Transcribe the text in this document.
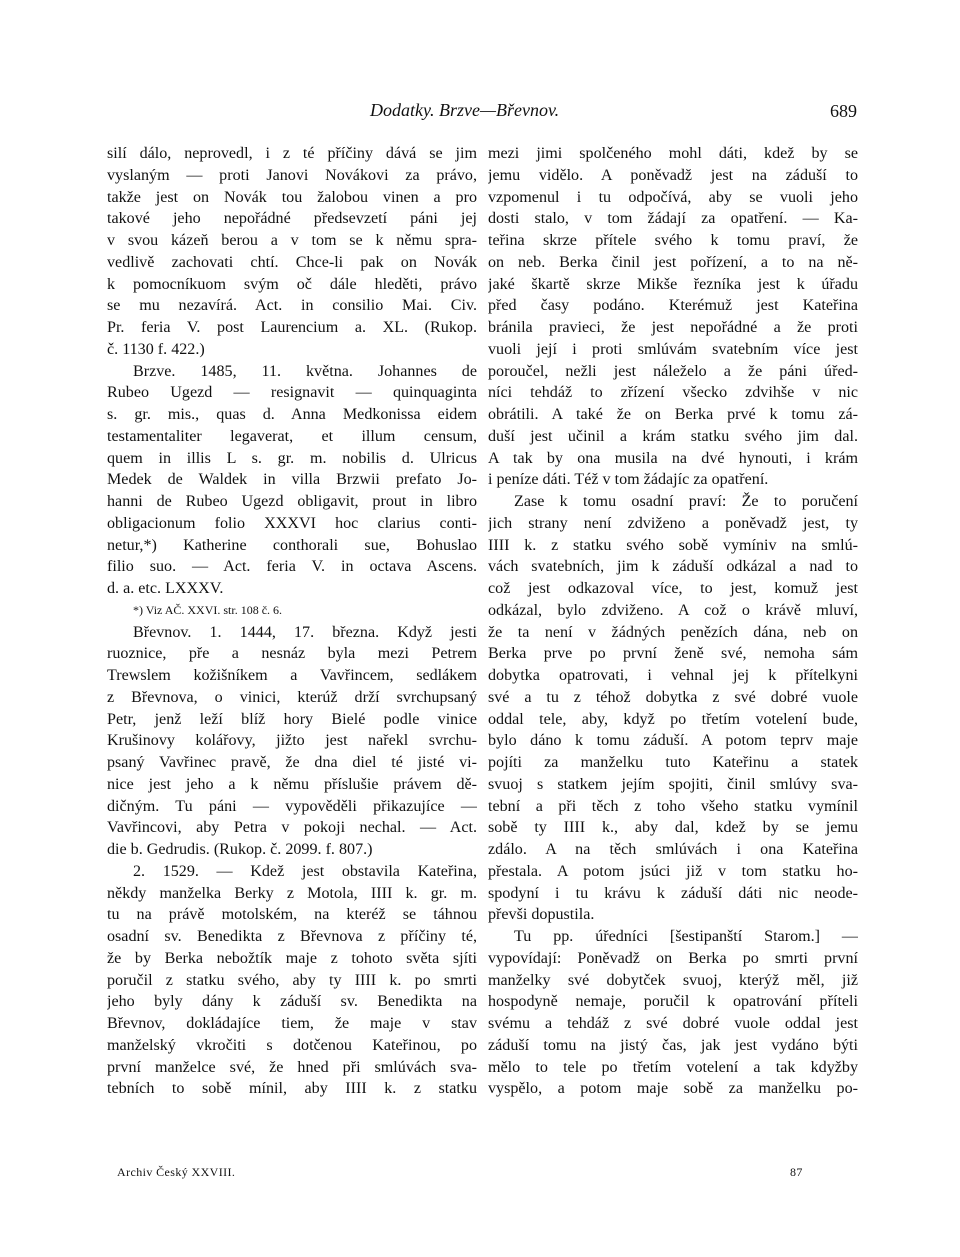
Dodatky. Brzve—Břevnov.	689
silí dálo, neprovedl, i z té příčiny dává se jim
vyslaným — proti Janovi Novákovi za právo,
takže jest on Novák tou žalobou vinen a pro
takové jeho nepořádné předsevzetí páni jej
v svou kázeň berou a v tom se k němu spra-
vedlivě zachovati chtí. Chce-li pak on Novák
k pomocníkuom svým oč dále hleděti, právo
se mu nezavírá. Act. in consilio Mai. Civ.
Pr. feria V. post Laurencium a. XL. (Rukop.
č. 1130 f. 422.)
Brzve. 1485, 11. května. Johannes de
Rubeo Ugezd — resignavit — quinquaginta
s. gr. mis., quas d. Anna Medkonissa eidem
testamentaliter legaverat, et illum censum,
quem in illis L s. gr. m. nobilis d. Ulricus
Medek de Waldek in villa Brzwii prefato Jo-
hanni de Rubeo Ugezd obligavit, prout in libro
obligacionum folio XXXVI hoc clarius conti-
netur,*) Katherine conthorali sue, Bohuslao
filio suo. — Act. feria V. in octava Ascens.
d. a. etc. LXXXV.
*) Viz AČ. XXVI. str. 108 č. 6.
Břevnov. 1. 1444, 17. března. Když jesti
ruoznice, pře a nesnáz byla mezi Petrem
Trewslem kožišníkem a Vavřincem, sedlákem
z Břevnova, o vinici, kterúž drží svrchupsaný
Petr, jenž leží blíž hory Bielé podle vinice
Krušinovy kolářovy, jižto jest nařekl svrchu-
psaný Vavřinec pravě, že dna diel té jisté vi-
nice jest jeho a k němu příslušie právem dě-
dičným. Tu páni — vypověděli přikazujíce —
Vavřincovi, aby Petra v pokoji nechal. — Act.
die b. Gedrudis. (Rukop. č. 2099. f. 807.)
2. 1529. — Kdež jest obstavila Kateřina,
někdy manželka Berky z Motola, IIII k. gr. m.
tu na právě motolském, na kteréž se táhnou
osadní sv. Benedikta z Břevnova z příčiny té,
že by Berka nebožtík maje z tohoto světa sjíti
poručil z statku svého, aby ty IIII k. po smrti
jeho byly dány k záduší sv. Benedikta na
Břevnov, dokládajíce tiem, že maje v stav
manželský vkročiti s dotčenou Kateřinou, po
první manželce své, že hned při smlúvách sva-
tebních to sobě mínil, aby IIII k. z statku
mezi jimi spolčeného mohl dáti, kdež by se
jemu vidělo. A poněvadž jest na záduší to
vzpomenul i tu odpočívá, aby se vuoli jeho
dosti stalo, v tom žádají za opatření. — Ka-
teřina skrze přítele svého k tomu praví, že
on neb. Berka činil jest pořízení, a to na ně-
jaké škartě skrze Mikše řezníka jest k úřadu
před časy podáno. Kterémuž jest Kateřina
bránila pravieci, že jest nepořádné a že proti
vuoli její i proti smlúvám svatebním více jest
poroučel, nežli jest náleželo a že páni úřed-
níci tehdáž to zřízení všecko zdvihše v nic
obrátili. A také že on Berka prvé k tomu zá-
duší jest učinil a krám statku svého jim dal.
A tak by ona musila na dvé hynouti, i krám
i peníze dáti. Též v tom žádajíc za opatření.
Zase k tomu osadní praví: Že to poručení
jich strany není zdviženo a poněvadž jest, ty
IIII k. z statku svého sobě vymíniv na smlú-
vách svatebních, jim k záduší odkázal a nad to
což jest odkazoval více, to jest, komuž jest
odkázal, bylo zdviženo. A což o krávě mluví,
že ta není v žádných penězích dána, neb on
Berka prve po první ženě své, nemoha sám
dobytka opatrovati, i vehnal jej k přítelkyni
své a tu z téhož dobytka z své dobré vuole
oddal tele, aby, když po třetím votelení bude,
bylo dáno k tomu záduší. A potom teprv maje
pojíti za manželku tuto Kateřinu a statek
svuoj s statkem jejím spojiti, činil smlúvy sva-
tební a při těch z toho všeho statku vymínil
sobě ty IIII k., aby dal, kdež by se jemu
zdálo. A na těch smlúvách i ona Kateřina
přestala. A potom jsúci již v tom statku ho-
spodyní i tu krávu k záduší dáti nic neode-
převši dopustila.
Tu pp. úředníci [šestipanští Starom.] —
vypovídají: Poněvadž on Berka po smrti první
manželky své dobytček svuoj, kterýž měl, již
hospodyně nemaje, poručil k opatrování příteli
svému a tehdáž z své dobré vuole oddal jest
záduší tomu na jistý čas, jak jest vydáno býti
mělo to tele po třetím votelení a tak kdyžby
vyspělo, a potom maje sobě za manželku po-
Archiv Český XXVIII.	87
